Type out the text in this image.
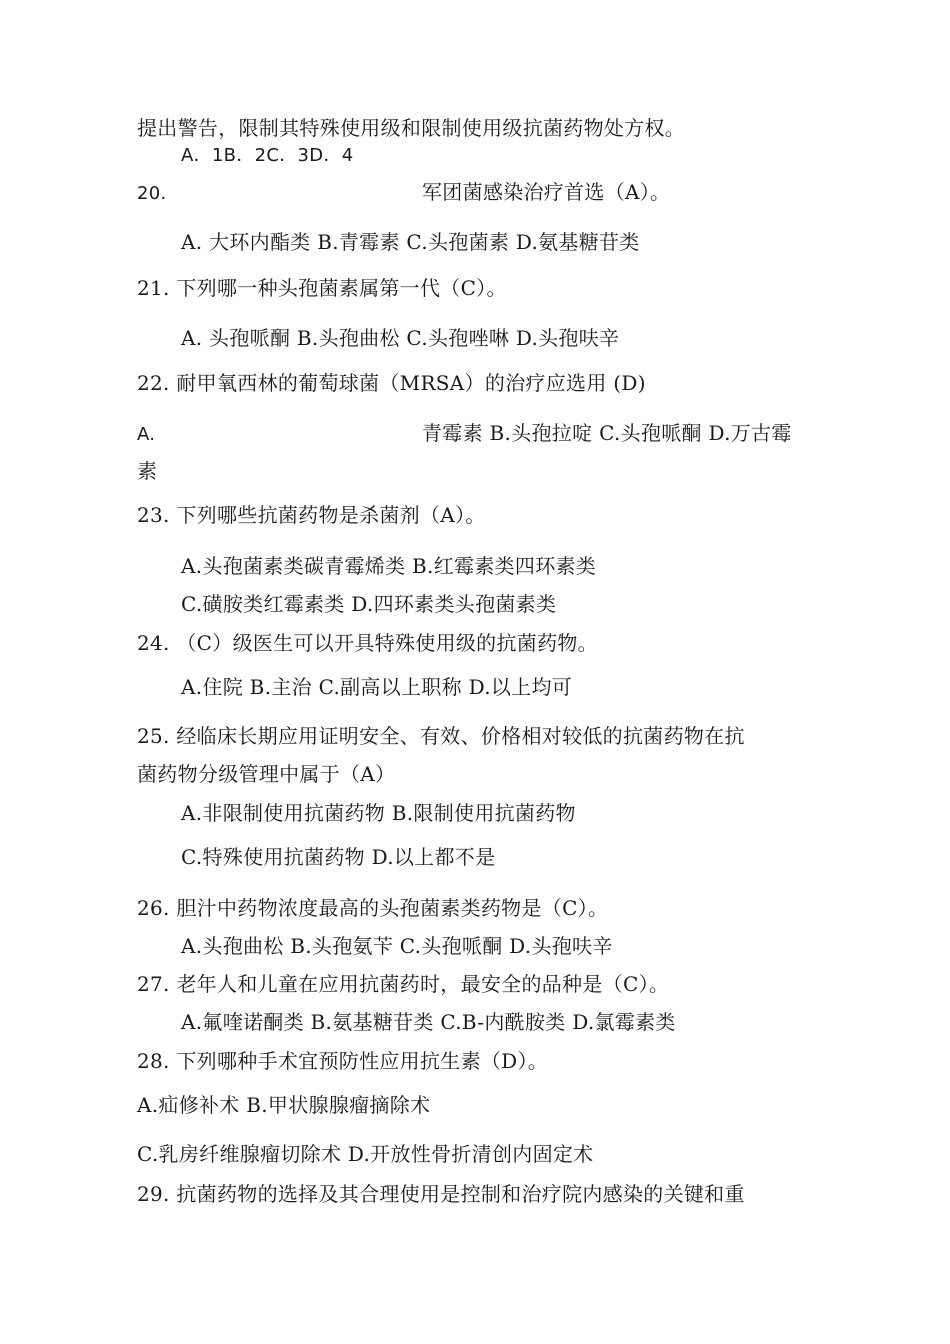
提出警告，限制其特殊使用级和限制使用级抗菌药物处方权。
A．1B．2C．3D．4
20.	军团菌感染治疗首选（A）。
A. 大环内酯类 B.青霉素 C.头孢菌素 D.氨基糖苷类
21. 下列哪一种头孢菌素属第一代（C）。
A. 头孢哌酮 B.头孢曲松 C.头孢唑啉 D.头孢呋辛
22. 耐甲氧西林的葡萄球菌（MRSA）的治疗应选用 (D)
A.	青霉素 B.头孢拉啶 C.头孢哌酮 D.万古霉
素
23. 下列哪些抗菌药物是杀菌剂（A）。
A.头孢菌素类碳青霉烯类 B.红霉素类四环素类
C.磺胺类红霉素类 D.四环素类头孢菌素类
24. （C）级医生可以开具特殊使用级的抗菌药物。
A.住院 B.主治 C.副高以上职称 D.以上均可
25. 经临床长期应用证明安全、有效、价格相对较低的抗菌药物在抗
菌药物分级管理中属于（A）
A.非限制使用抗菌药物 B.限制使用抗菌药物
C.特殊使用抗菌药物 D.以上都不是
26. 胆汁中药物浓度最高的头孢菌素类药物是（C）。
A.头孢曲松 B.头孢氨苄 C.头孢哌酮 D.头孢呋辛
27. 老年人和儿童在应用抗菌药时，最安全的品种是（C）。
A.氟喹诺酮类 B.氨基糖苷类 C.B-内酰胺类 D.氯霉素类
28. 下列哪种手术宜预防性应用抗生素（D）。
A.疝修补术 B.甲状腺腺瘤摘除术
C.乳房纤维腺瘤切除术 D.开放性骨折清创内固定术
29. 抗菌药物的选择及其合理使用是控制和治疗院内感染的关键和重
